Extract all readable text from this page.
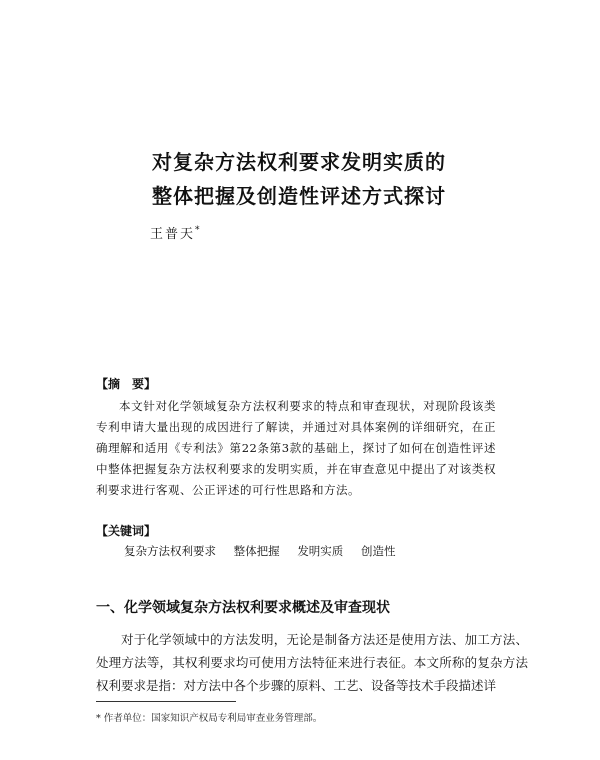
对复杂方法权利要求发明实质的
整体把握及创造性评述方式探讨
王普天*
【摘　要】
本文针对化学领域复杂方法权利要求的特点和审查现状，对现阶段该类专利申请大量出现的成因进行了解读，并通过对具体案例的详细研究，在正确理解和适用《专利法》第22条第3款的基础上，探讨了如何在创造性评述中整体把握复杂方法权利要求的发明实质，并在审查意见中提出了对该类权利要求进行客观、公正评述的可行性思路和方法。
【关键词】
复杂方法权利要求 整体把握 发明实质 创造性
一、化学领域复杂方法权利要求概述及审查现状
对于化学领域中的方法发明，无论是制备方法还是使用方法、加工方法、处理方法等，其权利要求均可使用方法特征来进行表征。本文所称的复杂方法权利要求是指：对方法中各个步骤的原料、工艺、设备等技术手段描述详
* 作者单位：国家知识产权局专利局审查业务管理部。
